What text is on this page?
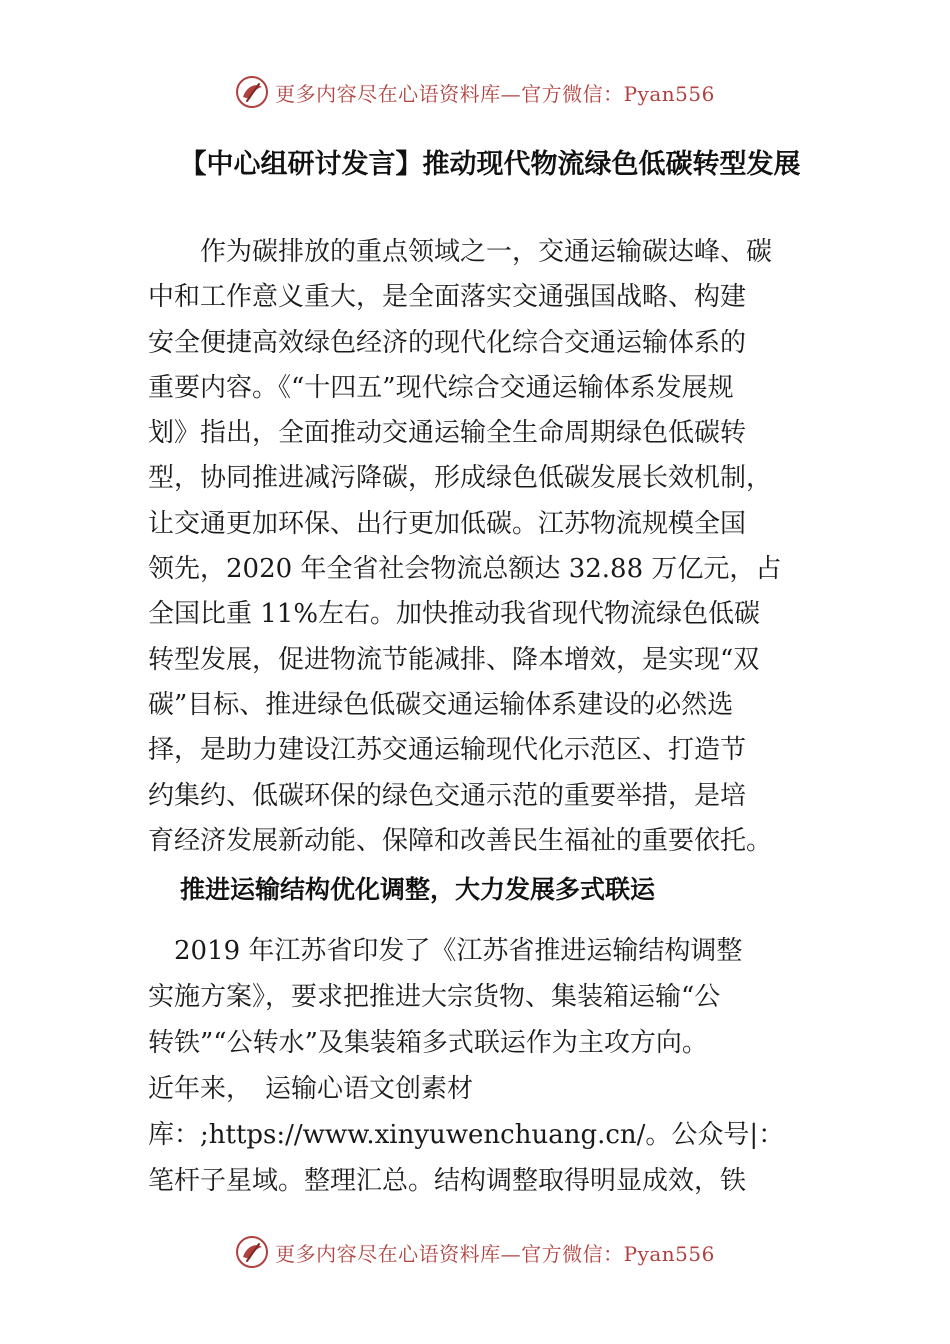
更多内容尽在心语资料库—官方微信：Pyan556
【中心组研讨发言】推动现代物流绿色低碳转型发展
　　作为碳排放的重点领域之一，交通运输碳达峰、碳
中和工作意义重大，是全面落实交通强国战略、构建
安全便捷高效绿色经济的现代化综合交通运输体系的
重要内容。《“十四五”现代综合交通运输体系发展规
划》指出，全面推动交通运输全生命周期绿色低碳转
型，协同推进减污降碳，形成绿色低碳发展长效机制，
让交通更加环保、出行更加低碳。江苏物流规模全国
领先，2020 年全省社会物流总额达 32.88 万亿元，占
全国比重 11%左右。加快推动我省现代物流绿色低碳
转型发展，促进物流节能减排、降本增效，是实现“双
碳”目标、推进绿色低碳交通运输体系建设的必然选
择，是助力建设江苏交通运输现代化示范区、打造节
约集约、低碳环保的绿色交通示范的重要举措，是培
育经济发展新动能、保障和改善民生福祉的重要依托。
推进运输结构优化调整，大力发展多式联运
　2019 年江苏省印发了《江苏省推进运输结构调整
实施方案》，要求把推进大宗货物、集装箱运输“公
转铁”“公转水”及集装箱多式联运作为主攻方向。
近年来，　运输心语文创素材
库：;https://www.xinyuwenchuang.cn/。公众号|：
笔杆子星域。整理汇总。结构调整取得明显成效，铁
更多内容尽在心语资料库—官方微信：Pyan556
